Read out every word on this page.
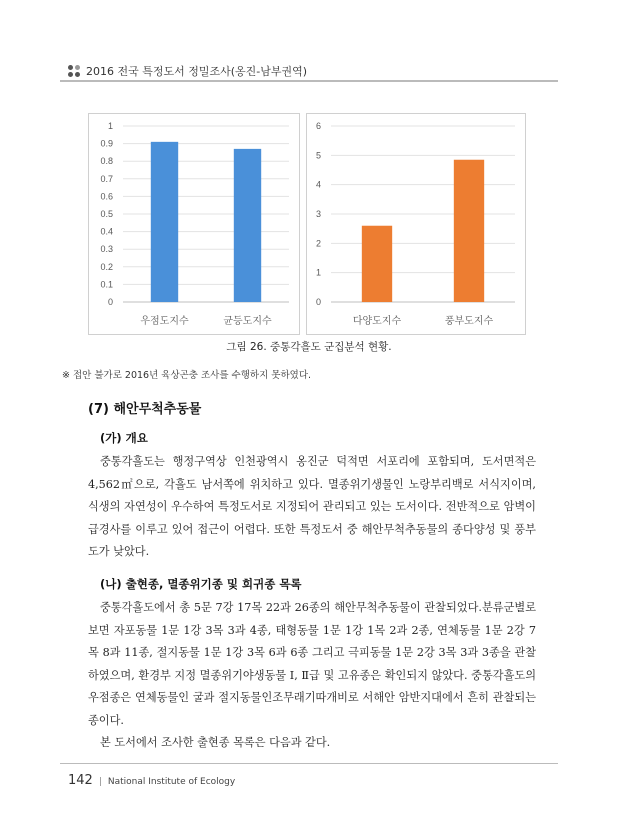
2016 전국 특정도서 정밀조사(옹진-남부권역)
0
0.1
0.2
0.3
0.4
0.5
0.6
0.7
0.8
0.9
1
우점도지수	균등도지수
0
1
2
3
4
5
6
다양도지수	풍부도지수
그림 26. 중통각흘도 군집분석 현황.
※ 접안 불가로 2016년 육상곤충 조사를 수행하지 못하였다.
(7) 해안무척추동물
(가) 개요
중통각흘도는 행정구역상 인천광역시 옹진군 덕적면 서포리에 포함되며, 도서면적은 4,562㎡으로, 각흘도 남서쪽에 위치하고 있다. 멸종위기생물인 노랑부리백로 서식지이며, 식생의 자연성이 우수하여 특정도서로 지정되어 관리되고 있는 도서이다. 전반적으로 암벽이 급경사를 이루고 있어 접근이 어렵다. 또한 특정도서 중 해안무척추동물의 종다양성 및 풍부도가 낮았다.
(나) 출현종, 멸종위기종 및 희귀종 목록
중통각흘도에서 총 5문 7강 17목 22과 26종의 해안무척추동물이 관찰되었다.분류군별로 보면 자포동물 1문 1강 3목 3과 4종, 태형동물 1문 1강 1목 2과 2종, 연체동물 1문 2강 7목 8과 11종, 절지동물 1문 1강 3목 6과 6종 그리고 극피동물 1문 2강 3목 3과 3종을 관찰하였으며, 환경부 지정 멸종위기야생동물 Ⅰ, Ⅱ급 및 고유종은 확인되지 않았다. 중통각흘도의 우점종은 연체동물인 굴과 절지동물인조무래기따개비로 서해안 암반지대에서 흔히 관찰되는 종이다.
본 도서에서 조사한 출현종 목록은 다음과 같다.
142 | National Institute of Ecology
